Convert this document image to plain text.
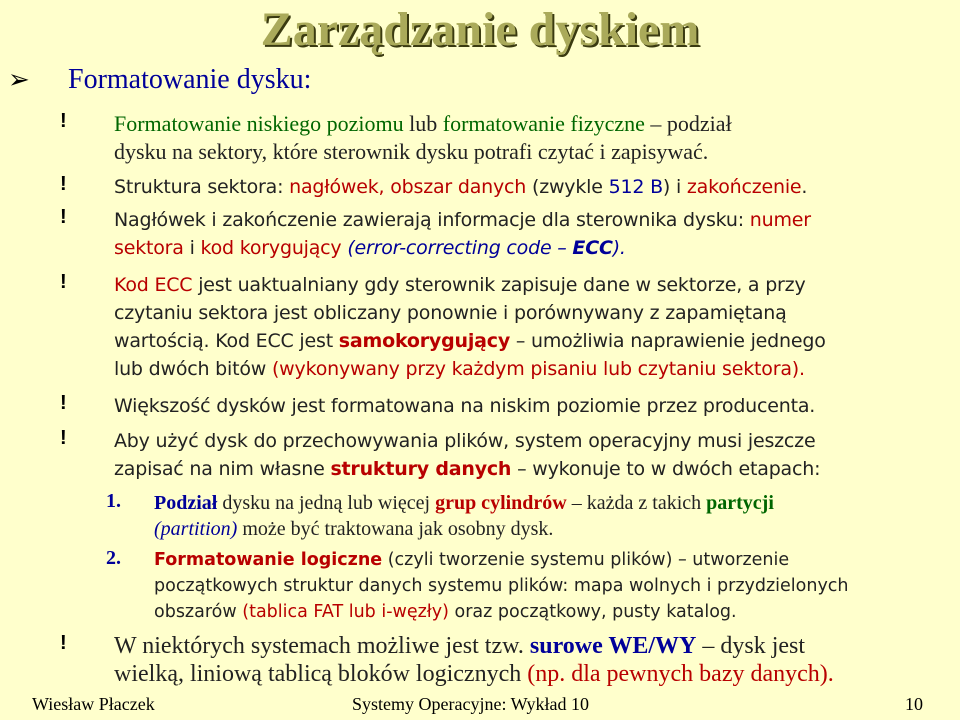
Zarządzanie dyskiem
➢ Formatowanie dysku:
!	Formatowanie niskiego poziomu lub formatowanie fizyczne – podział
dysku na sektory, które sterownik dysku potrafi czytać i zapisywać.
!	Struktura sektora: nagłówek, obszar danych (zwykle 512 B) i zakończenie.
!	Nagłówek i zakończenie zawierają informacje dla sterownika dysku: numer
sektora i kod korygujący (error-correcting code – ECC).
!	Kod ECC jest uaktualniany gdy sterownik zapisuje dane w sektorze, a przy
czytaniu sektora jest obliczany ponownie i porównywany z zapamiętaną
wartością. Kod ECC jest samokorygujący – umożliwia naprawienie jednego
lub dwóch bitów (wykonywany przy każdym pisaniu lub czytaniu sektora).
!	Większość dysków jest formatowana na niskim poziomie przez producenta.
!	Aby użyć dysk do przechowywania plików, system operacyjny musi jeszcze
zapisać na nim własne struktury danych – wykonuje to w dwóch etapach:
1. Podział dysku na jedną lub więcej grup cylindrów – każda z takich partycji
(partition) może być traktowana jak osobny dysk.
2. Formatowanie logiczne (czyli tworzenie systemu plików) – utworzenie
początkowych struktur danych systemu plików: mapa wolnych i przydzielonych
obszarów (tablica FAT lub i-węzły) oraz początkowy, pusty katalog.
!	W niektórych systemach możliwe jest tzw. surowe WE/WY – dysk jest
wielką, liniową tablicą bloków logicznych (np. dla pewnych bazy danych).
Wiesław Płaczek	Systemy Operacyjne: Wykład 10	10
